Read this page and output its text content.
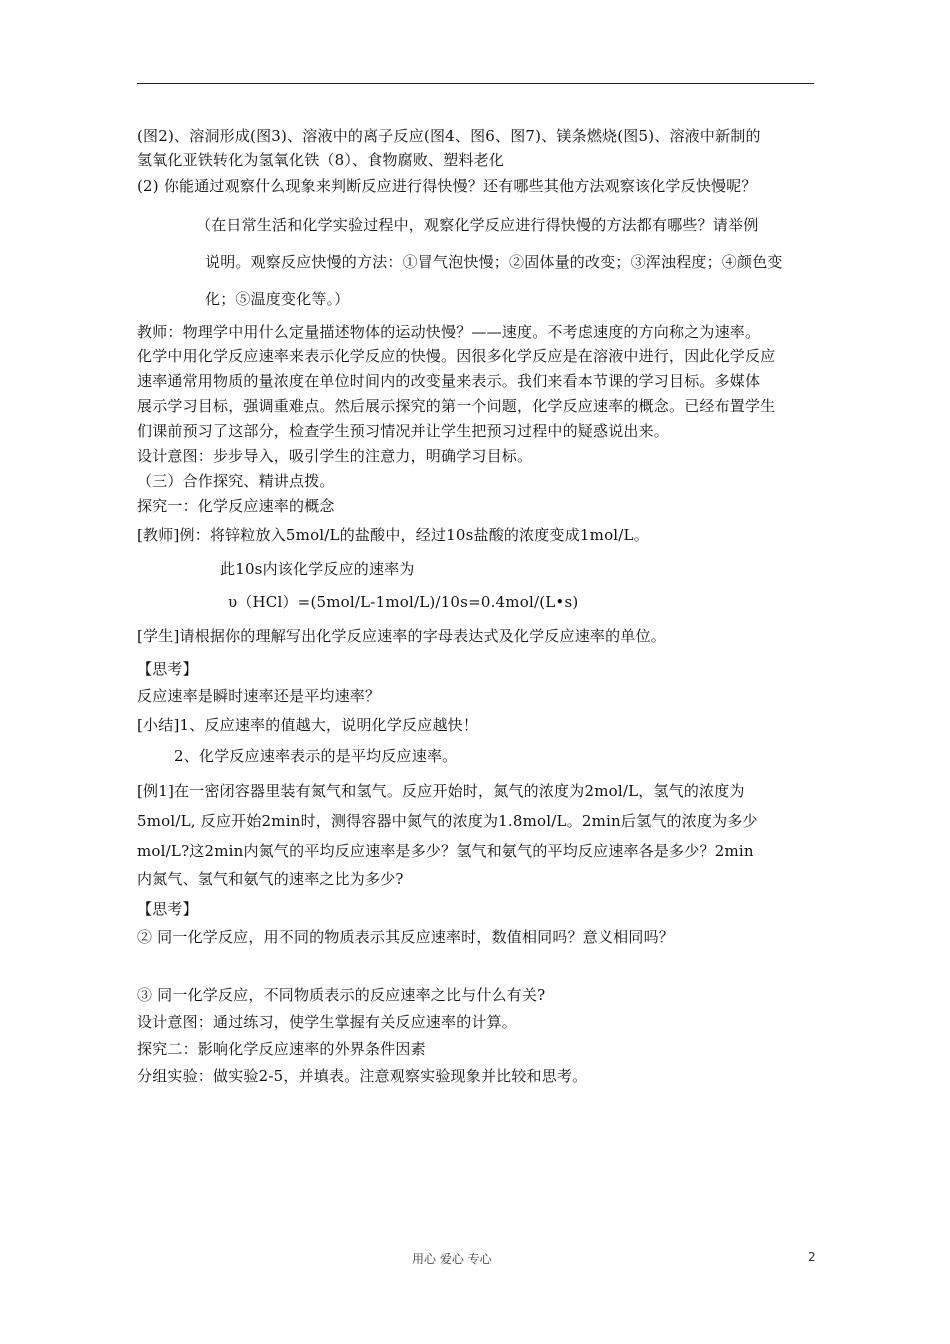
(图2)、溶洞形成(图3)、溶液中的离子反应(图4、图6、图7)、镁条燃烧(图5)、溶液中新制的
氢氧化亚铁转化为氢氧化铁（8）、食物腐败、塑料老化
(2) 你能通过观察什么现象来判断反应进行得快慢？还有哪些其他方法观察该化学反快慢呢？
（在日常生活和化学实验过程中，观察化学反应进行得快慢的方法都有哪些？请举例
说明。观察反应快慢的方法：①冒气泡快慢；②固体量的改变；③浑浊程度；④颜色变
化；⑤温度变化等。）
教师：物理学中用什么定量描述物体的运动快慢？——速度。不考虑速度的方向称之为速率。
化学中用化学反应速率来表示化学反应的快慢。因很多化学反应是在溶液中进行，因此化学反应
速率通常用物质的量浓度在单位时间内的改变量来表示。我们来看本节课的学习目标。多媒体
展示学习目标，强调重难点。然后展示探究的第一个问题，化学反应速率的概念。已经布置学生
们课前预习了这部分，检查学生预习情况并让学生把预习过程中的疑惑说出来。
设计意图：步步导入，吸引学生的注意力，明确学习目标。
（三）合作探究、精讲点拨。
探究一：化学反应速率的概念
[教师]例：将锌粒放入5mol/L的盐酸中，经过10s盐酸的浓度变成1mol/L。
此10s内该化学反应的速率为
υ（HCl）=(5mol/L-1mol/L)/10s=0.4mol/(L•s)
[学生]请根据你的理解写出化学反应速率的字母表达式及化学反应速率的单位。
【思考】
反应速率是瞬时速率还是平均速率？
[小结]1、反应速率的值越大，说明化学反应越快！
2、化学反应速率表示的是平均反应速率。
[例1]在一密闭容器里装有氮气和氢气。反应开始时，氮气的浓度为2mol/L，氢气的浓度为
5mol/L, 反应开始2min时，测得容器中氮气的浓度为1.8mol/L。2min后氢气的浓度为多少
mol/L?这2min内氮气的平均反应速率是多少？氢气和氨气的平均反应速率各是多少？2min
内氮气、氢气和氨气的速率之比为多少?
【思考】
② 同一化学反应，用不同的物质表示其反应速率时，数值相同吗？意义相同吗？
③ 同一化学反应，不同物质表示的反应速率之比与什么有关?
设计意图：通过练习，使学生掌握有关反应速率的计算。
探究二：影响化学反应速率的外界条件因素
分组实验：做实验2-5，并填表。注意观察实验现象并比较和思考。
用心 爱心 专心	2
